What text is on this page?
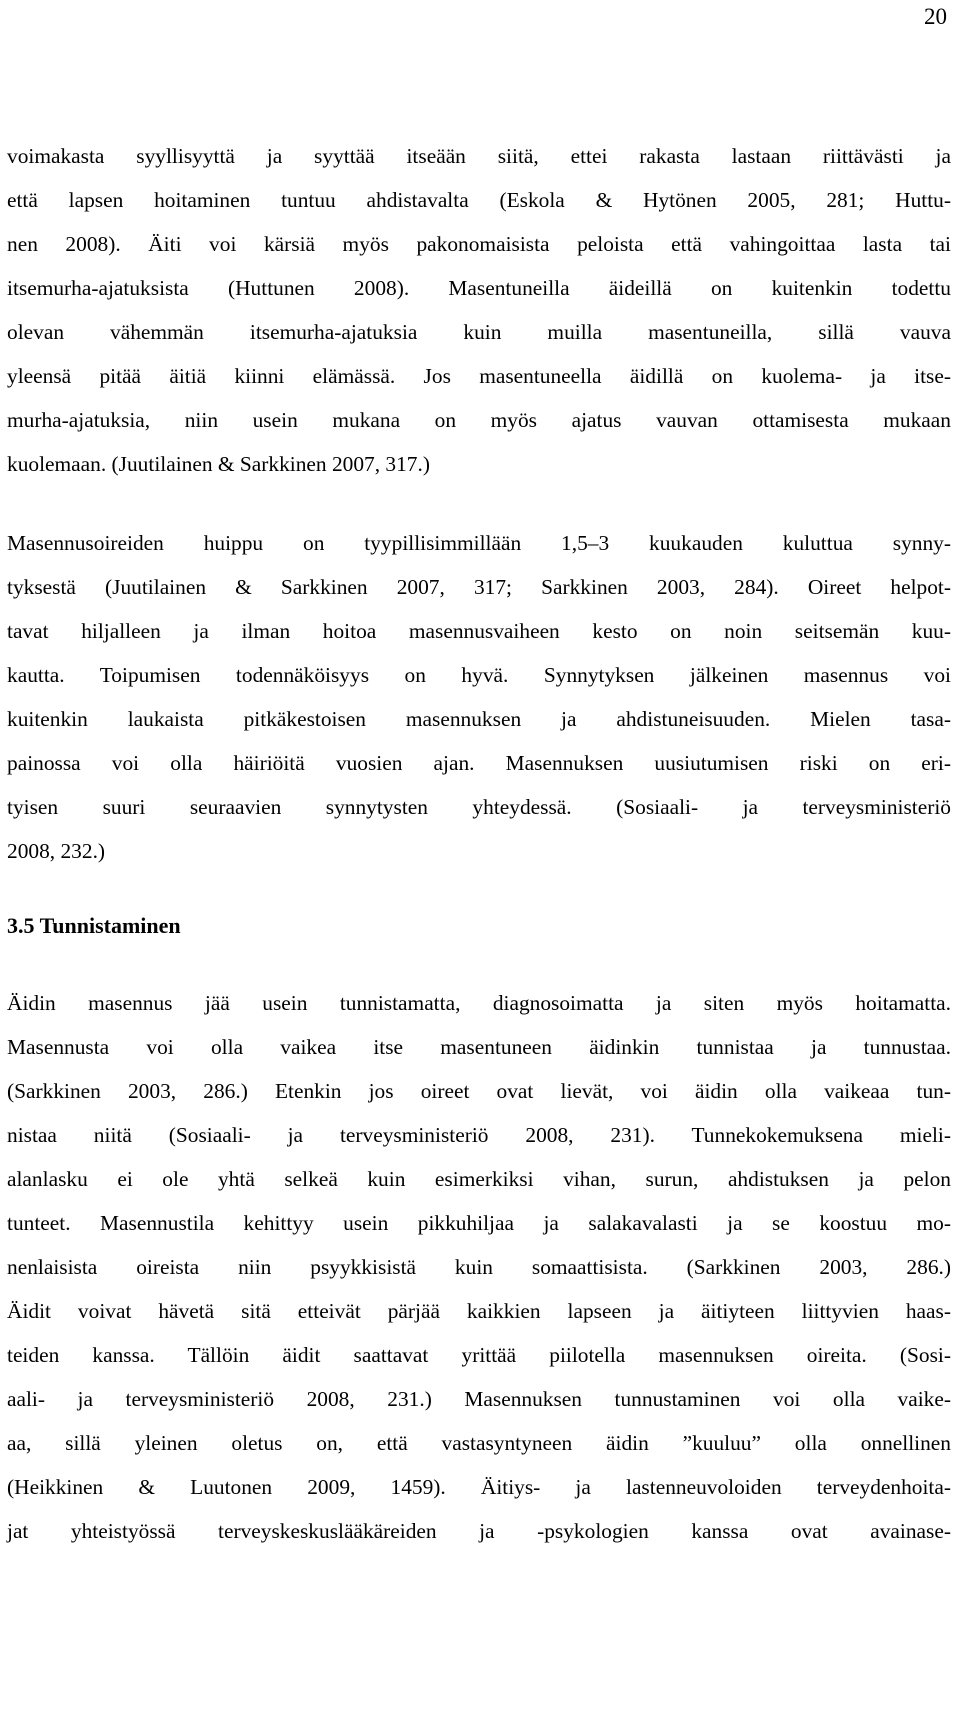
20
voimakasta syyllisyyttä ja syyttää itseään siitä, ettei rakasta lastaan riittävästi ja
että lapsen hoitaminen tuntuu ahdistavalta (Eskola & Hytönen 2005, 281; Huttu-
nen 2008). Äiti voi kärsiä myös pakonomaisista peloista että vahingoittaa lasta tai
itsemurha-ajatuksista (Huttunen 2008). Masentuneilla äideillä on kuitenkin todettu
olevan vähemmän itsemurha-ajatuksia kuin muilla masentuneilla, sillä vauva
yleensä pitää äitiä kiinni elämässä. Jos masentuneella äidillä on kuolema- ja itse-
murha-ajatuksia, niin usein mukana on myös ajatus vauvan ottamisesta mukaan
kuolemaan. (Juutilainen & Sarkkinen 2007, 317.)
Masennusoireiden huippu on tyypillisimmillään 1,5–3 kuukauden kuluttua synny-
tyksestä (Juutilainen & Sarkkinen 2007, 317; Sarkkinen 2003, 284). Oireet helpot-
tavat hiljalleen ja ilman hoitoa masennusvaiheen kesto on noin seitsemän kuu-
kautta. Toipumisen todennäköisyys on hyvä. Synnytyksen jälkeinen masennus voi
kuitenkin laukaista pitkäkestoisen masennuksen ja ahdistuneisuuden. Mielen tasa-
painossa voi olla häiriöitä vuosien ajan. Masennuksen uusiutumisen riski on eri-
tyisen suuri seuraavien synnytysten yhteydessä. (Sosiaali- ja terveysministeriö
2008, 232.)
3.5 Tunnistaminen
Äidin masennus jää usein tunnistamatta, diagnosoimatta ja siten myös hoitamatta.
Masennusta voi olla vaikea itse masentuneen äidinkin tunnistaa ja tunnustaa.
(Sarkkinen 2003, 286.) Etenkin jos oireet ovat lievät, voi äidin olla vaikeaa tun-
nistaa niitä (Sosiaali- ja terveysministeriö 2008, 231). Tunnekokemuksena mieli-
alanlasku ei ole yhtä selkeä kuin esimerkiksi vihan, surun, ahdistuksen ja pelon
tunteet. Masennustila kehittyy usein pikkuhiljaa ja salakavalasti ja se koostuu mo-
nenlaisista oireista niin psyykkisistä kuin somaattisista. (Sarkkinen 2003, 286.)
Äidit voivat hävetä sitä etteivät pärjää kaikkien lapseen ja äitiyteen liittyvien haas-
teiden kanssa. Tällöin äidit saattavat yrittää piilotella masennuksen oireita. (Sosi-
aali- ja terveysministeriö 2008, 231.) Masennuksen tunnustaminen voi olla vaike-
aa, sillä yleinen oletus on, että vastasyntyneen äidin ”kuuluu” olla onnellinen
(Heikkinen & Luutonen 2009, 1459). Äitiys- ja lastenneuvoloiden terveydenhoita-
jat yhteistyössä terveyskeskuslääkäreiden ja -psykologien kanssa ovat avainase-
